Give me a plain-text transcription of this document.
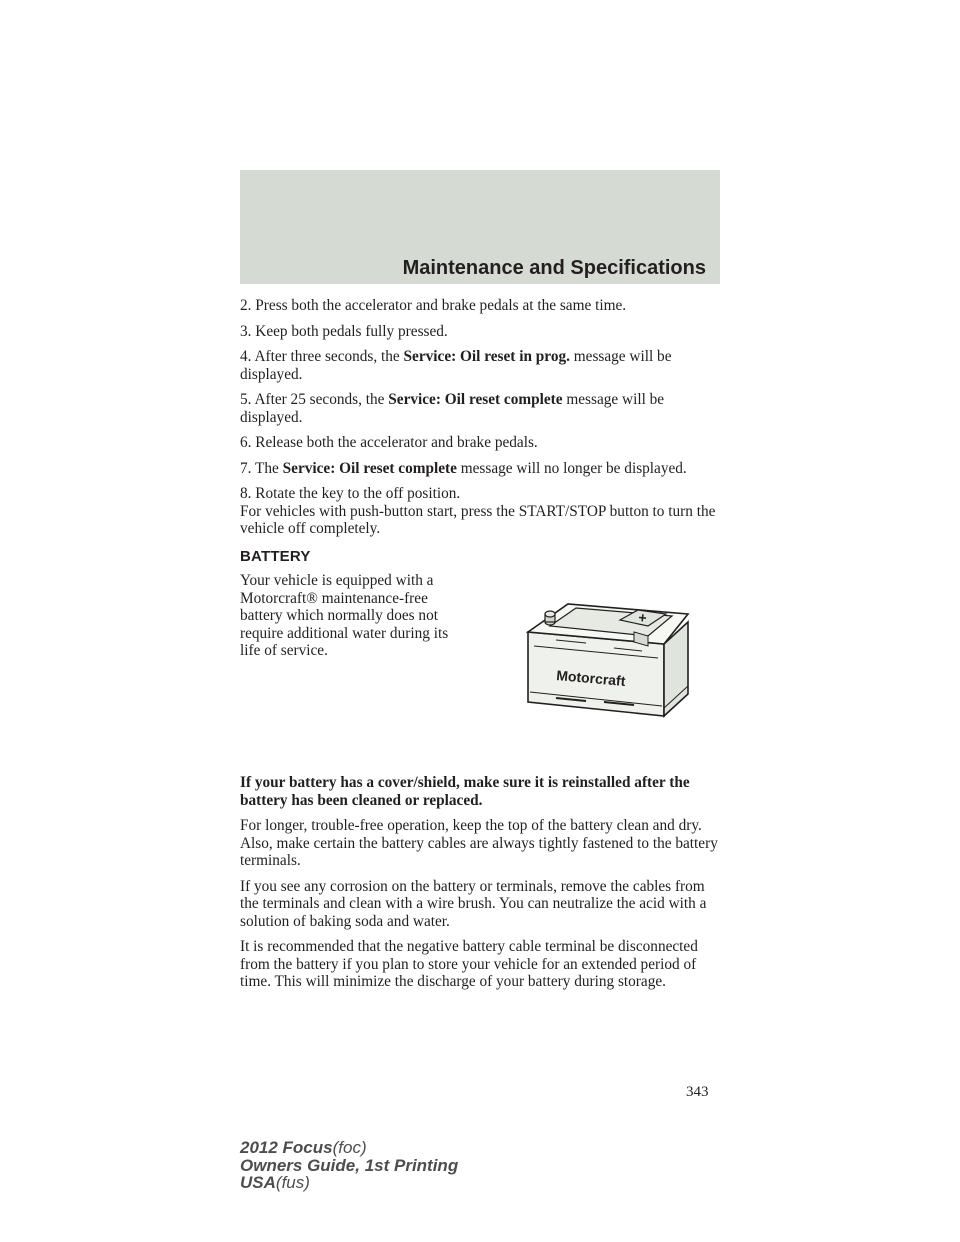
Maintenance and Specifications

2. Press both the accelerator and brake pedals at the same time.

3. Keep both pedals fully pressed.

4. After three seconds, the Service: Oil reset in prog. message will be displayed.

5. After 25 seconds, the Service: Oil reset complete message will be displayed.

6. Release both the accelerator and brake pedals.

7. The Service: Oil reset complete message will no longer be displayed.

8. Rotate the key to the off position.

For vehicles with push-button start, press the START/STOP button to turn the vehicle off completely.

BATTERY
Your vehicle is equipped with a Motorcraft® maintenance-free battery which normally does not require additional water during its life of service.
+
Motorcraft

If your battery has a cover/shield, make sure it is reinstalled after the battery has been cleaned or replaced.

For longer, trouble-free operation, keep the top of the battery clean and dry. Also, make certain the battery cables are always tightly fastened to the battery terminals.

If you see any corrosion on the battery or terminals, remove the cables from the terminals and clean with a wire brush. You can neutralize the acid with a solution of baking soda and water.

It is recommended that the negative battery cable terminal be disconnected from the battery if you plan to store your vehicle for an extended period of time. This will minimize the discharge of your battery during storage.

343
2012 Focus(foc)
Owners Guide, 1st Printing
USA(fus)
